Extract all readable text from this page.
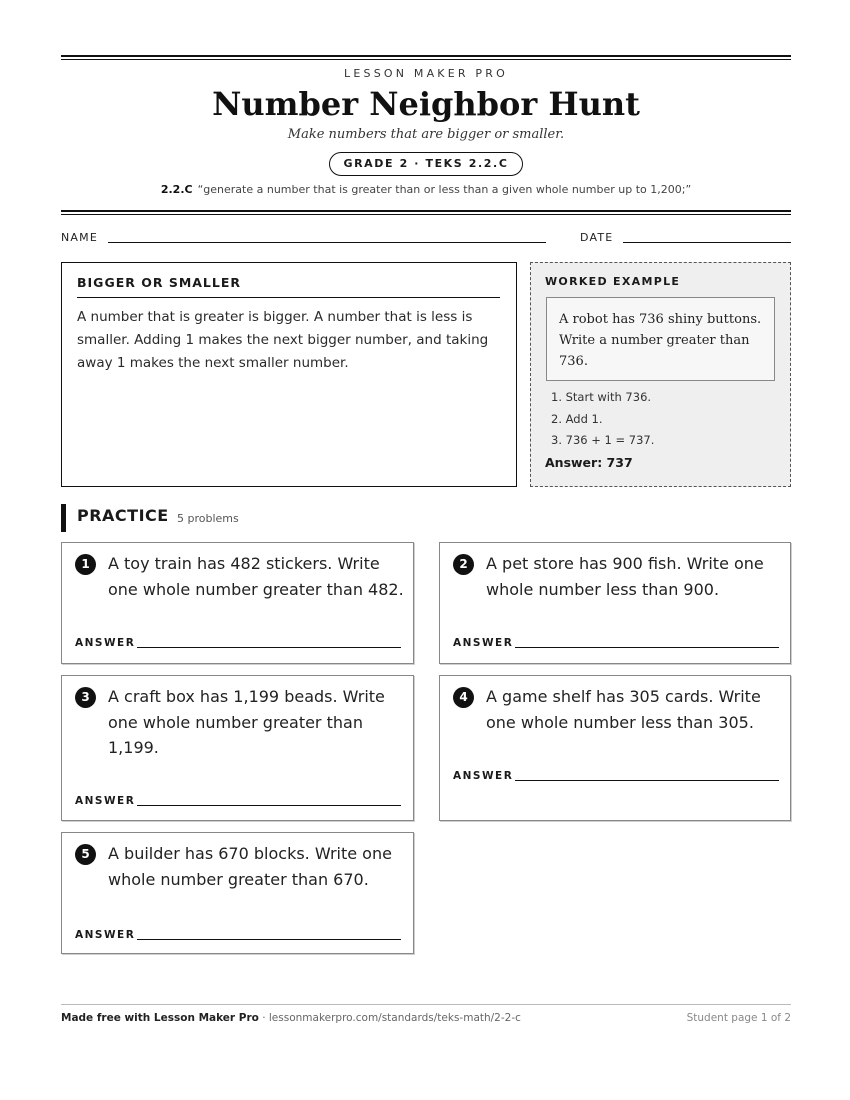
LESSON MAKER PRO
Number Neighbor Hunt
Make numbers that are bigger or smaller.
GRADE 2 · TEKS 2.2.C
2.2.C “generate a number that is greater than or less than a given whole number up to 1,200;”
NAME	DATE
BIGGER OR SMALLER
A number that is greater is bigger. A number that is less is smaller. Adding 1 makes the next bigger number, and taking away 1 makes the next smaller number.
WORKED EXAMPLE
A robot has 736 shiny buttons. Write a number greater than 736.
1. Start with 736.
2. Add 1.
3. 736 + 1 = 737.
Answer: 737
PRACTICE 5 problems
1	A toy train has 482 stickers. Write one whole number greater than 482.
ANSWER
2	A pet store has 900 fish. Write one whole number less than 900.
ANSWER
3	A craft box has 1,199 beads. Write one whole number greater than 1,199.
ANSWER
4	A game shelf has 305 cards. Write one whole number less than 305.
ANSWER
5	A builder has 670 blocks. Write one whole number greater than 670.
ANSWER
Made free with Lesson Maker Pro · lessonmakerpro.com/standards/teks-math/2-2-c	Student page 1 of 2
